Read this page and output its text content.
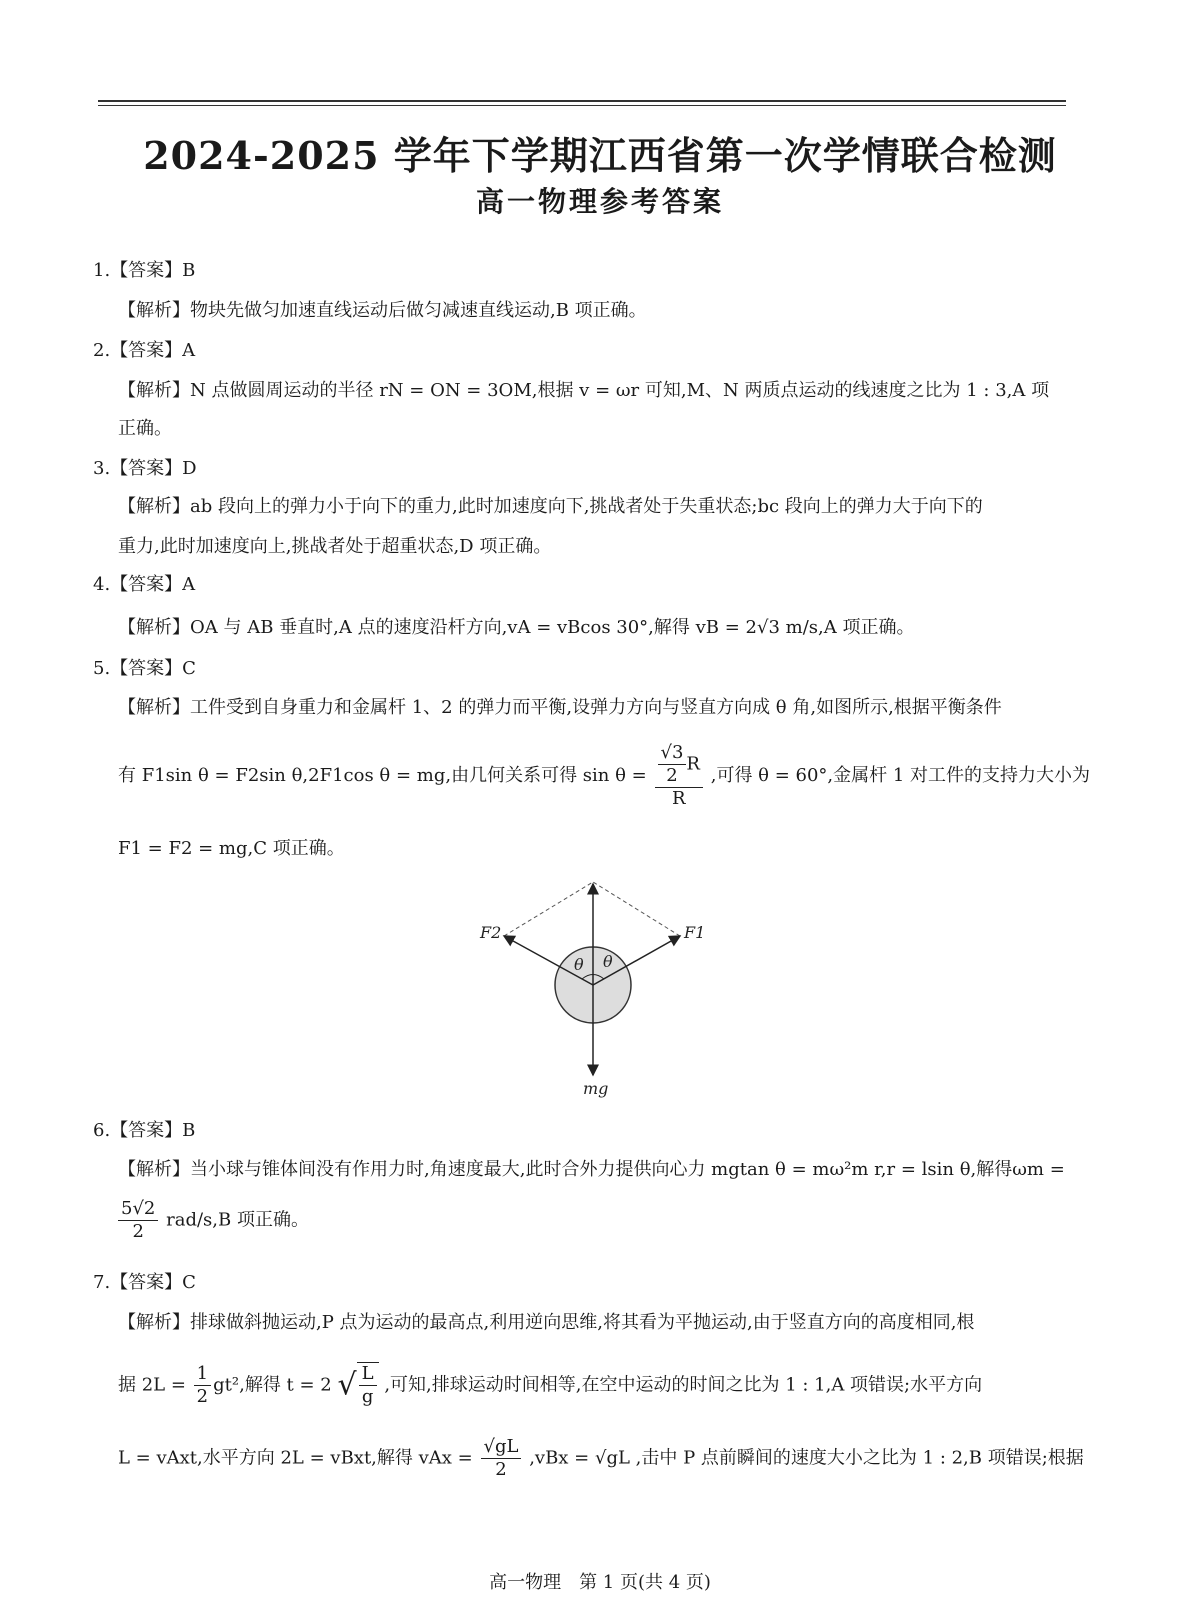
2024-2025 学年下学期江西省第一次学情联合检测
高一物理参考答案
1.【答案】B
【解析】物块先做匀加速直线运动后做匀减速直线运动,B 项正确。
2.【答案】A
【解析】N 点做圆周运动的半径 rN = ON = 3OM,根据 v = ωr 可知,M、N 两质点运动的线速度之比为 1 : 3,A 项
正确。
3.【答案】D
【解析】ab 段向上的弹力小于向下的重力,此时加速度向下,挑战者处于失重状态;bc 段向上的弹力大于向下的
重力,此时加速度向上,挑战者处于超重状态,D 项正确。
4.【答案】A
【解析】OA 与 AB 垂直时,A 点的速度沿杆方向,vA = vBcos 30°,解得 vB = 2√3 m/s,A 项正确。
5.【答案】C
【解析】工件受到自身重力和金属杆 1、2 的弹力而平衡,设弹力方向与竖直方向成 θ 角,如图所示,根据平衡条件
有 F1sin θ = F2sin θ,2F1cos θ = mg,由几何关系可得 $\sin \theta = \frac{\frac{√3}{2} R}{R}$ ,可得 θ = 60°,金属杆 1 对工件的支持力大小为
F1 = F2 = mg,C 项正确。
F2	F1
θ θ
mg
6.【答案】B
【解析】当小球与锥体间没有作用力时,角速度最大,此时合外力提供向心力 mgtan θ = mω²m r,r = lsin θ,解得ωm =
$\frac{5√2}{2} rad/s,B$ 项正确。
7.【答案】C
【解析】排球做斜抛运动,P 点为运动的最高点,利用逆向思维,将其看为平抛运动,由于竖直方向的高度相同,根
据 $2L = \frac{1}{2} gt^2$,解得 t = 2 √ $\frac{L}{g}$ ,可知,排球运动时间相等,在空中运动的时间之比为 1 : 1,A 项错误;水平方向
L = vAxt,水平方向 2L = vBxt,解得 vAx = $\frac{√gL}{2} ,vBx = √gL$ ,击中 P 点前瞬间的速度大小之比为 1 : 2,B 项错误;根据
高一物理　第 1 页(共 4 页)
